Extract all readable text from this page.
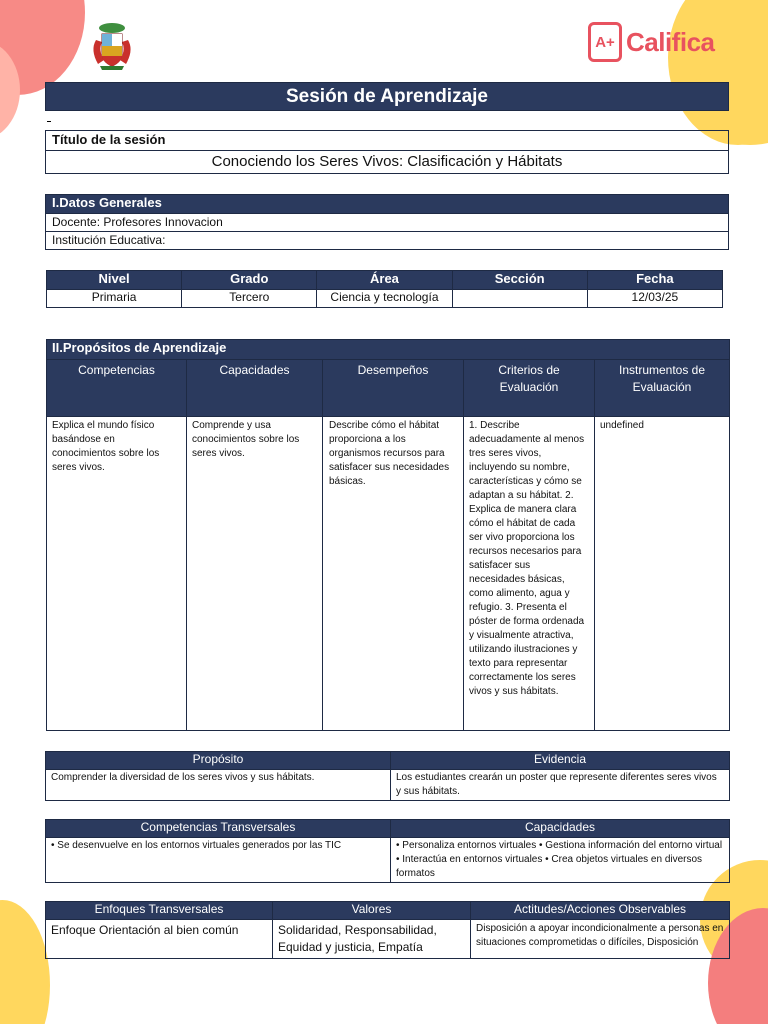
A+ Califica
Sesión de Aprendizaje
Título de la sesión
Conociendo los Seres Vivos: Clasificación y Hábitats
I.Datos Generales
Docente: Profesores Innovacion
Institución Educativa:
Nivel	Grado	Área	Sección	Fecha
Primaria	Tercero	Ciencia y tecnología		12/03/25
II.Propósitos de Aprendizaje				
Competencias	Capacidades	Desempeños	Criterios de Evaluación	Instrumentos de Evaluación
Explica el mundo físico basándose en conocimientos sobre los seres vivos.	Comprende y usa conocimientos sobre los seres vivos.	Describe cómo el hábitat proporciona a los organismos recursos para satisfacer sus necesidades básicas.	1. Describe adecuadamente al menos tres seres vivos, incluyendo su nombre, características y cómo se adaptan a su hábitat. 2. Explica de manera clara cómo el hábitat de cada ser vivo proporciona los recursos necesarios para satisfacer sus necesidades básicas, como alimento, agua y refugio. 3. Presenta el póster de forma ordenada y visualmente atractiva, utilizando ilustraciones y texto para representar correctamente los seres vivos y sus hábitats.	undefined
Propósito	Evidencia
Comprender la diversidad de los seres vivos y sus hábitats.	Los estudiantes crearán un poster que represente diferentes seres vivos y sus hábitats.
Competencias Transversales	Capacidades
• Se desenvuelve en los entornos virtuales generados por las TIC	• Personaliza entornos virtuales • Gestiona información del entorno virtual • Interactúa en entornos virtuales • Crea objetos virtuales en diversos formatos
Enfoques Transversales	Valores	Actitudes/Acciones Observables
Enfoque Orientación al bien común	Solidaridad, Responsabilidad, Equidad y justicia, Empatía	Disposición a apoyar incondicionalmente a personas en situaciones comprometidas o difíciles, Disposición
